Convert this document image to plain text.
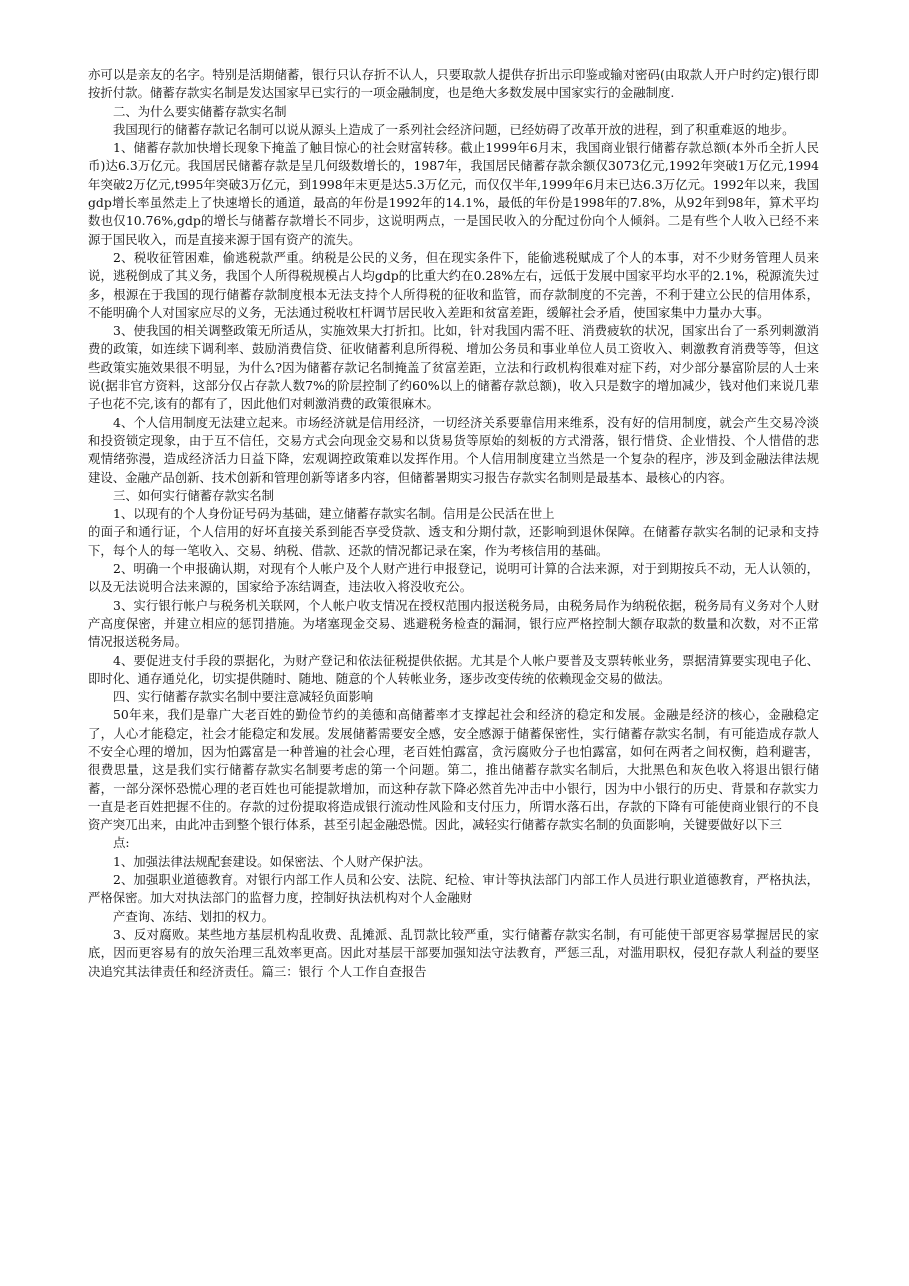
亦可以是亲友的名字。特别是活期储蓄，银行只认存折不认人，只要取款人提供存折出示印鉴或输对密码(由取款人开户时约定)银行即按折付款。储蓄存款实名制是发达国家早已实行的一项金融制度，也是绝大多数发展中国家实行的金融制度.

二、为什么要实储蓄存款实名制

我国现行的储蓄存款记名制可以说从源头上造成了一系列社会经济问题，已经妨碍了改革开放的进程，到了积重难返的地步。

1、储蓄存款加快增长现象下掩盖了触目惊心的社会财富转移。截止1999年6月末，我国商业银行储蓄存款总额(本外币全折人民币)达6.3万亿元。我国居民储蓄存款是呈几何级数增长的，1987年，我国居民储蓄存款余额仅3073亿元,1992年突破1万亿元,1994年突破2万亿元,t995年突破3万亿元，到1998年末更是达5.3万亿元，而仅仅半年,1999年6月末已达6.3万亿元。1992年以来，我国gdp增长率虽然走上了快速增长的通道，最高的年份是1992年的14.1%，最低的年份是1998年的7.8%，从92年到98年，算术平均数也仅10.76%,gdp的增长与储蓄存款增长不同步，这说明两点，一是国民收入的分配过份向个人倾斜。二是有些个人收入已经不来源于国民收入，而是直接来源于国有资产的流失。

2、税收征管困难，偷逃税款严重。纳税是公民的义务，但在现实条件下，能偷逃税赋成了个人的本事，对不少财务管理人员来说，逃税倒成了其义务，我国个人所得税规模占人均gdp的比重大约在0.28%左右，远低于发展中国家平均水平的2.1%，税源流失过多，根源在于我国的现行储蓄存款制度根本无法支持个人所得税的征收和监管，而存款制度的不完善，不利于建立公民的信用体系，不能明确个人对国家应尽的义务，无法通过税收杠杆调节居民收入差距和贫富差距，缓解社会矛盾，使国家集中力量办大事。

3、使我国的相关调整政策无所适从，实施效果大打折扣。比如，针对我国内需不旺、消费疲软的状况，国家出台了一系列刺激消费的政策，如连续下调利率、鼓励消费信贷、征收储蓄利息所得税、增加公务员和事业单位人员工资收入、刺激教育消费等等，但这些政策实施效果很不明显，为什么?因为储蓄存款记名制掩盖了贫富差距，立法和行政机构很难对症下药，对少部分暴富阶层的人士来说(据非官方资料，这部分仅占存款人数7%的阶层控制了约60%以上的储蓄存款总额)，收入只是数字的增加减少，钱对他们来说几辈子也花不完,该有的都有了，因此他们对刺激消费的政策很麻木。

4、个人信用制度无法建立起来。市场经济就是信用经济，一切经济关系要靠信用来维系，没有好的信用制度，就会产生交易冷淡和投资锁定现象，由于互不信任，交易方式会向现金交易和以货易货等原始的刻板的方式滑落，银行惜贷、企业惜投、个人惜借的悲观情绪弥漫，造成经济活力日益下降，宏观调控政策难以发挥作用。个人信用制度建立当然是一个复杂的程序，涉及到金融法律法规建设、金融产品创新、技术创新和管理创新等诸多内容，但储蓄暑期实习报告存款实名制则是最基本、最核心的内容。

三、如何实行储蓄存款实名制

1、以现有的个人身份证号码为基础，建立储蓄存款实名制。信用是公民活在世上

的面子和通行证，个人信用的好坏直接关系到能否享受贷款、透支和分期付款，还影响到退休保障。在储蓄存款实名制的记录和支持下，每个人的每一笔收入、交易、纳税、借款、还款的情况都记录在案，作为考核信用的基础。

2、明确一个申报确认期，对现有个人帐户及个人财产进行申报登记，说明可计算的合法来源，对于到期按兵不动，无人认领的，以及无法说明合法来源的，国家给予冻结调查，违法收入将没收充公。

3、实行银行帐户与税务机关联网，个人帐户收支情况在授权范围内报送税务局，由税务局作为纳税依据，税务局有义务对个人财产高度保密，并建立相应的惩罚措施。为堵塞现金交易、逃避税务检查的漏洞，银行应严格控制大额存取款的数量和次数，对不正常情况报送税务局。

4、要促进支付手段的票据化，为财产登记和依法征税提供依据。尤其是个人帐户要普及支票转帐业务，票据清算要实现电子化、即时化、通存通兑化，切实提供随时、随地、随意的个人转帐业务，逐步改变传统的依赖现金交易的做法。

四、实行储蓄存款实名制中要注意减轻负面影响

50年来，我们是靠广大老百姓的勤俭节约的美德和高储蓄率才支撑起社会和经济的稳定和发展。金融是经济的核心，金融稳定了，人心才能稳定，社会才能稳定和发展。发展储蓄需要安全感，安全感源于储蓄保密性，实行储蓄存款实名制，有可能造成存款人不安全心理的增加，因为怕露富是一种普遍的社会心理，老百姓怕露富，贪污腐败分子也怕露富，如何在两者之间权衡，趋利避害，很费思量，这是我们实行储蓄存款实名制要考虑的第一个问题。第二，推出储蓄存款实名制后，大批黑色和灰色收入将退出银行储蓄，一部分深怀恐慌心理的老百姓也可能提款增加，而这种存款下降必然首先冲击中小银行，因为中小银行的历史、背景和存款实力一直是老百姓把握不住的。存款的过份提取将造成银行流动性风险和支付压力，所谓水落石出，存款的下降有可能使商业银行的不良资产突兀出来，由此冲击到整个银行体系，甚至引起金融恐慌。因此，减轻实行储蓄存款实名制的负面影响，关键要做好以下三

点:

1、加强法律法规配套建设。如保密法、个人财产保护法。

2、加强职业道德教育。对银行内部工作人员和公安、法院、纪检、审计等执法部门内部工作人员进行职业道德教育，严格执法，严格保密。加大对执法部门的监督力度，控制好执法机构对个人金融财

产查询、冻结、划扣的权力。

3、反对腐败。某些地方基层机构乱收费、乱摊派、乱罚款比较严重，实行储蓄存款实名制，有可能使干部更容易掌握居民的家底，因而更容易有的放矢治理三乱效率更高。因此对基层干部要加强知法守法教育，严惩三乱，对滥用职权，侵犯存款人利益的要坚决追究其法律责任和经济责任。篇三：银行 个人工作自查报告
